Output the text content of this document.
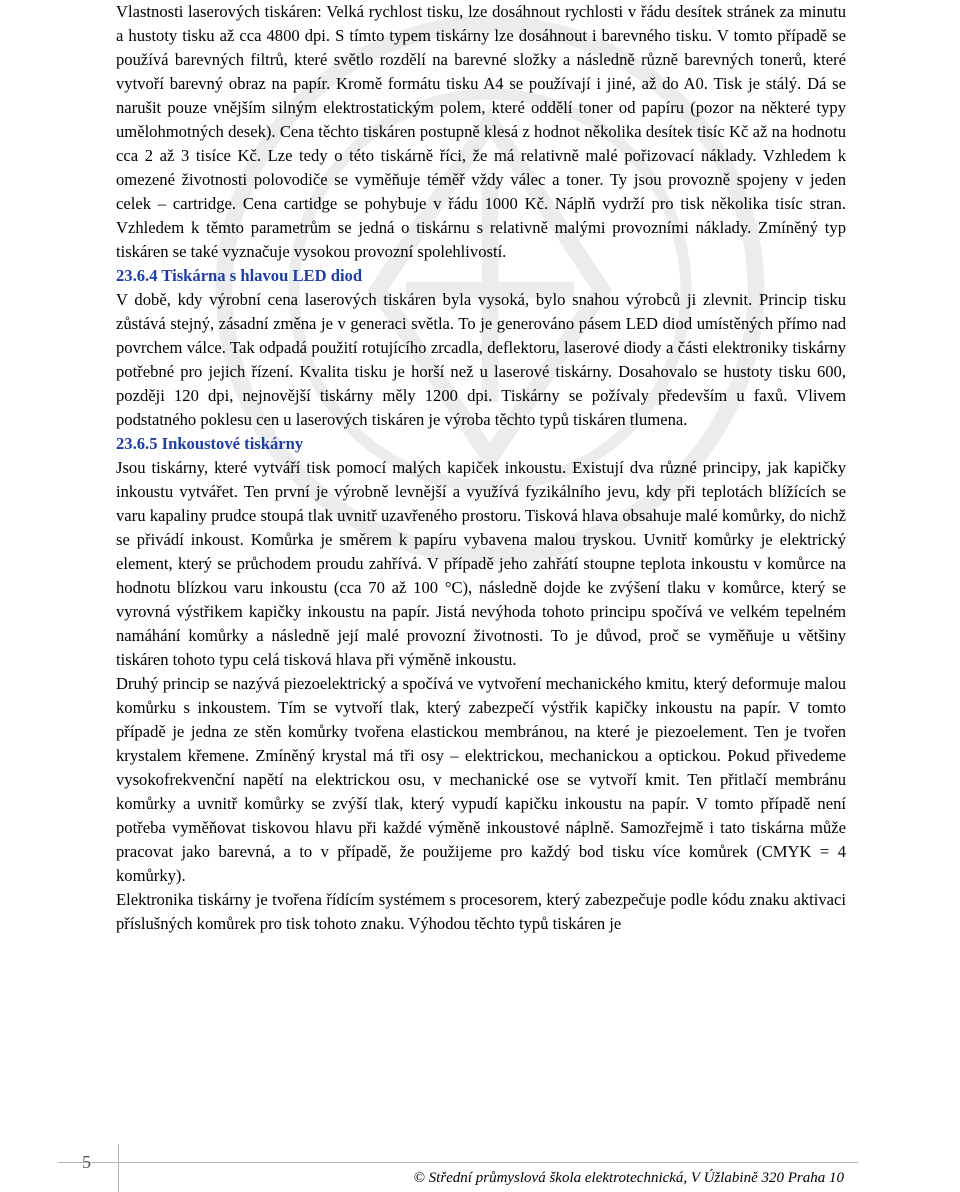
Vlastnosti laserových tiskáren: Velká rychlost tisku, lze dosáhnout rychlosti v řádu desítek stránek za minutu a hustoty tisku až cca 4800 dpi. S tímto typem tiskárny lze dosáhnout i barevného tisku. V tomto případě se používá barevných filtrů, které světlo rozdělí na barevné složky a následně různě barevných tonerů, které vytvoří barevný obraz na papír. Kromě formátu tisku A4 se používají i jiné, až do A0. Tisk je stálý. Dá se narušit pouze vnějším silným elektrostatickým polem, které oddělí toner od papíru (pozor na některé typy umělohmotných desek). Cena těchto tiskáren postupně klesá z hodnot několika desítek tisíc Kč až na hodnotu cca 2 až 3 tisíce Kč. Lze tedy o této tiskárně říci, že má relativně malé pořizovací náklady. Vzhledem k omezené životnosti polovodiče se vyměňuje téměř vždy válec a toner. Ty jsou provozně spojeny v jeden celek – cartridge. Cena cartidge se pohybuje v řádu 1000 Kč. Náplň vydrží pro tisk několika tisíc stran. Vzhledem k těmto parametrům se jedná o tiskárnu s relativně malými provozními náklady. Zmíněný typ tiskáren se také vyznačuje vysokou provozní spolehlivostí.

23.6.4 Tiskárna s hlavou LED diod

V době, kdy výrobní cena laserových tiskáren byla vysoká, bylo snahou výrobců ji zlevnit. Princip tisku zůstává stejný, zásadní změna je v generaci světla. To je generováno pásem LED diod umístěných přímo nad povrchem válce. Tak odpadá použití rotujícího zrcadla, deflektoru, laserové diody a části elektroniky tiskárny potřebné pro jejich řízení. Kvalita tisku je horší než u laserové tiskárny. Dosahovalo se hustoty tisku 600, později 120 dpi, nejnovější tiskárny měly 1200 dpi. Tiskárny se požívaly především u faxů. Vlivem podstatného poklesu cen u laserových tiskáren je výroba těchto typů tiskáren tlumena.

23.6.5 Inkoustové tiskárny

Jsou tiskárny, které vytváří tisk pomocí malých kapiček inkoustu. Existují dva různé principy, jak kapičky inkoustu vytvářet. Ten první je výrobně levnější a využívá fyzikálního jevu, kdy při teplotách blížících se varu kapaliny prudce stoupá tlak uvnitř uzavřeného prostoru. Tisková hlava obsahuje malé komůrky, do nichž se přivádí inkoust. Komůrka je směrem k papíru vybavena malou tryskou. Uvnitř komůrky je elektrický element, který se průchodem proudu zahřívá. V případě jeho zahřátí stoupne teplota inkoustu v komůrce na hodnotu blízkou varu inkoustu (cca 70 až 100 °C), následně dojde ke zvýšení tlaku v komůrce, který se vyrovná výstřikem kapičky inkoustu na papír. Jistá nevýhoda tohoto principu spočívá ve velkém tepelném namáhání komůrky a následně její malé provozní životnosti. To je důvod, proč se vyměňuje u většiny tiskáren tohoto typu celá tisková hlava při výměně inkoustu.

Druhý princip se nazývá piezoelektrický a spočívá ve vytvoření mechanického kmitu, který deformuje malou komůrku s inkoustem. Tím se vytvoří tlak, který zabezpečí výstřik kapičky inkoustu na papír. V tomto případě je jedna ze stěn komůrky tvořena elastickou membránou, na které je piezoelement. Ten je tvořen krystalem křemene. Zmíněný krystal má tři osy – elektrickou, mechanickou a optickou. Pokud přivedeme vysokofrekvenční napětí na elektrickou osu, v mechanické ose se vytvoří kmit. Ten přitlačí membránu komůrky a uvnitř komůrky se zvýší tlak, který vypudí kapičku inkoustu na papír. V tomto případě není potřeba vyměňovat tiskovou hlavu při každé výměně inkoustové náplně. Samozřejmě i tato tiskárna může pracovat jako barevná, a to v případě, že použijeme pro každý bod tisku více komůrek (CMYK = 4 komůrky).

Elektronika tiskárny je tvořena řídícím systémem s procesorem, který zabezpečuje podle kódu znaku aktivaci příslušných komůrek pro tisk tohoto znaku. Výhodou těchto typů tiskáren je

5
© Střední průmyslová škola elektrotechnická, V Úžlabině 320 Praha 10
